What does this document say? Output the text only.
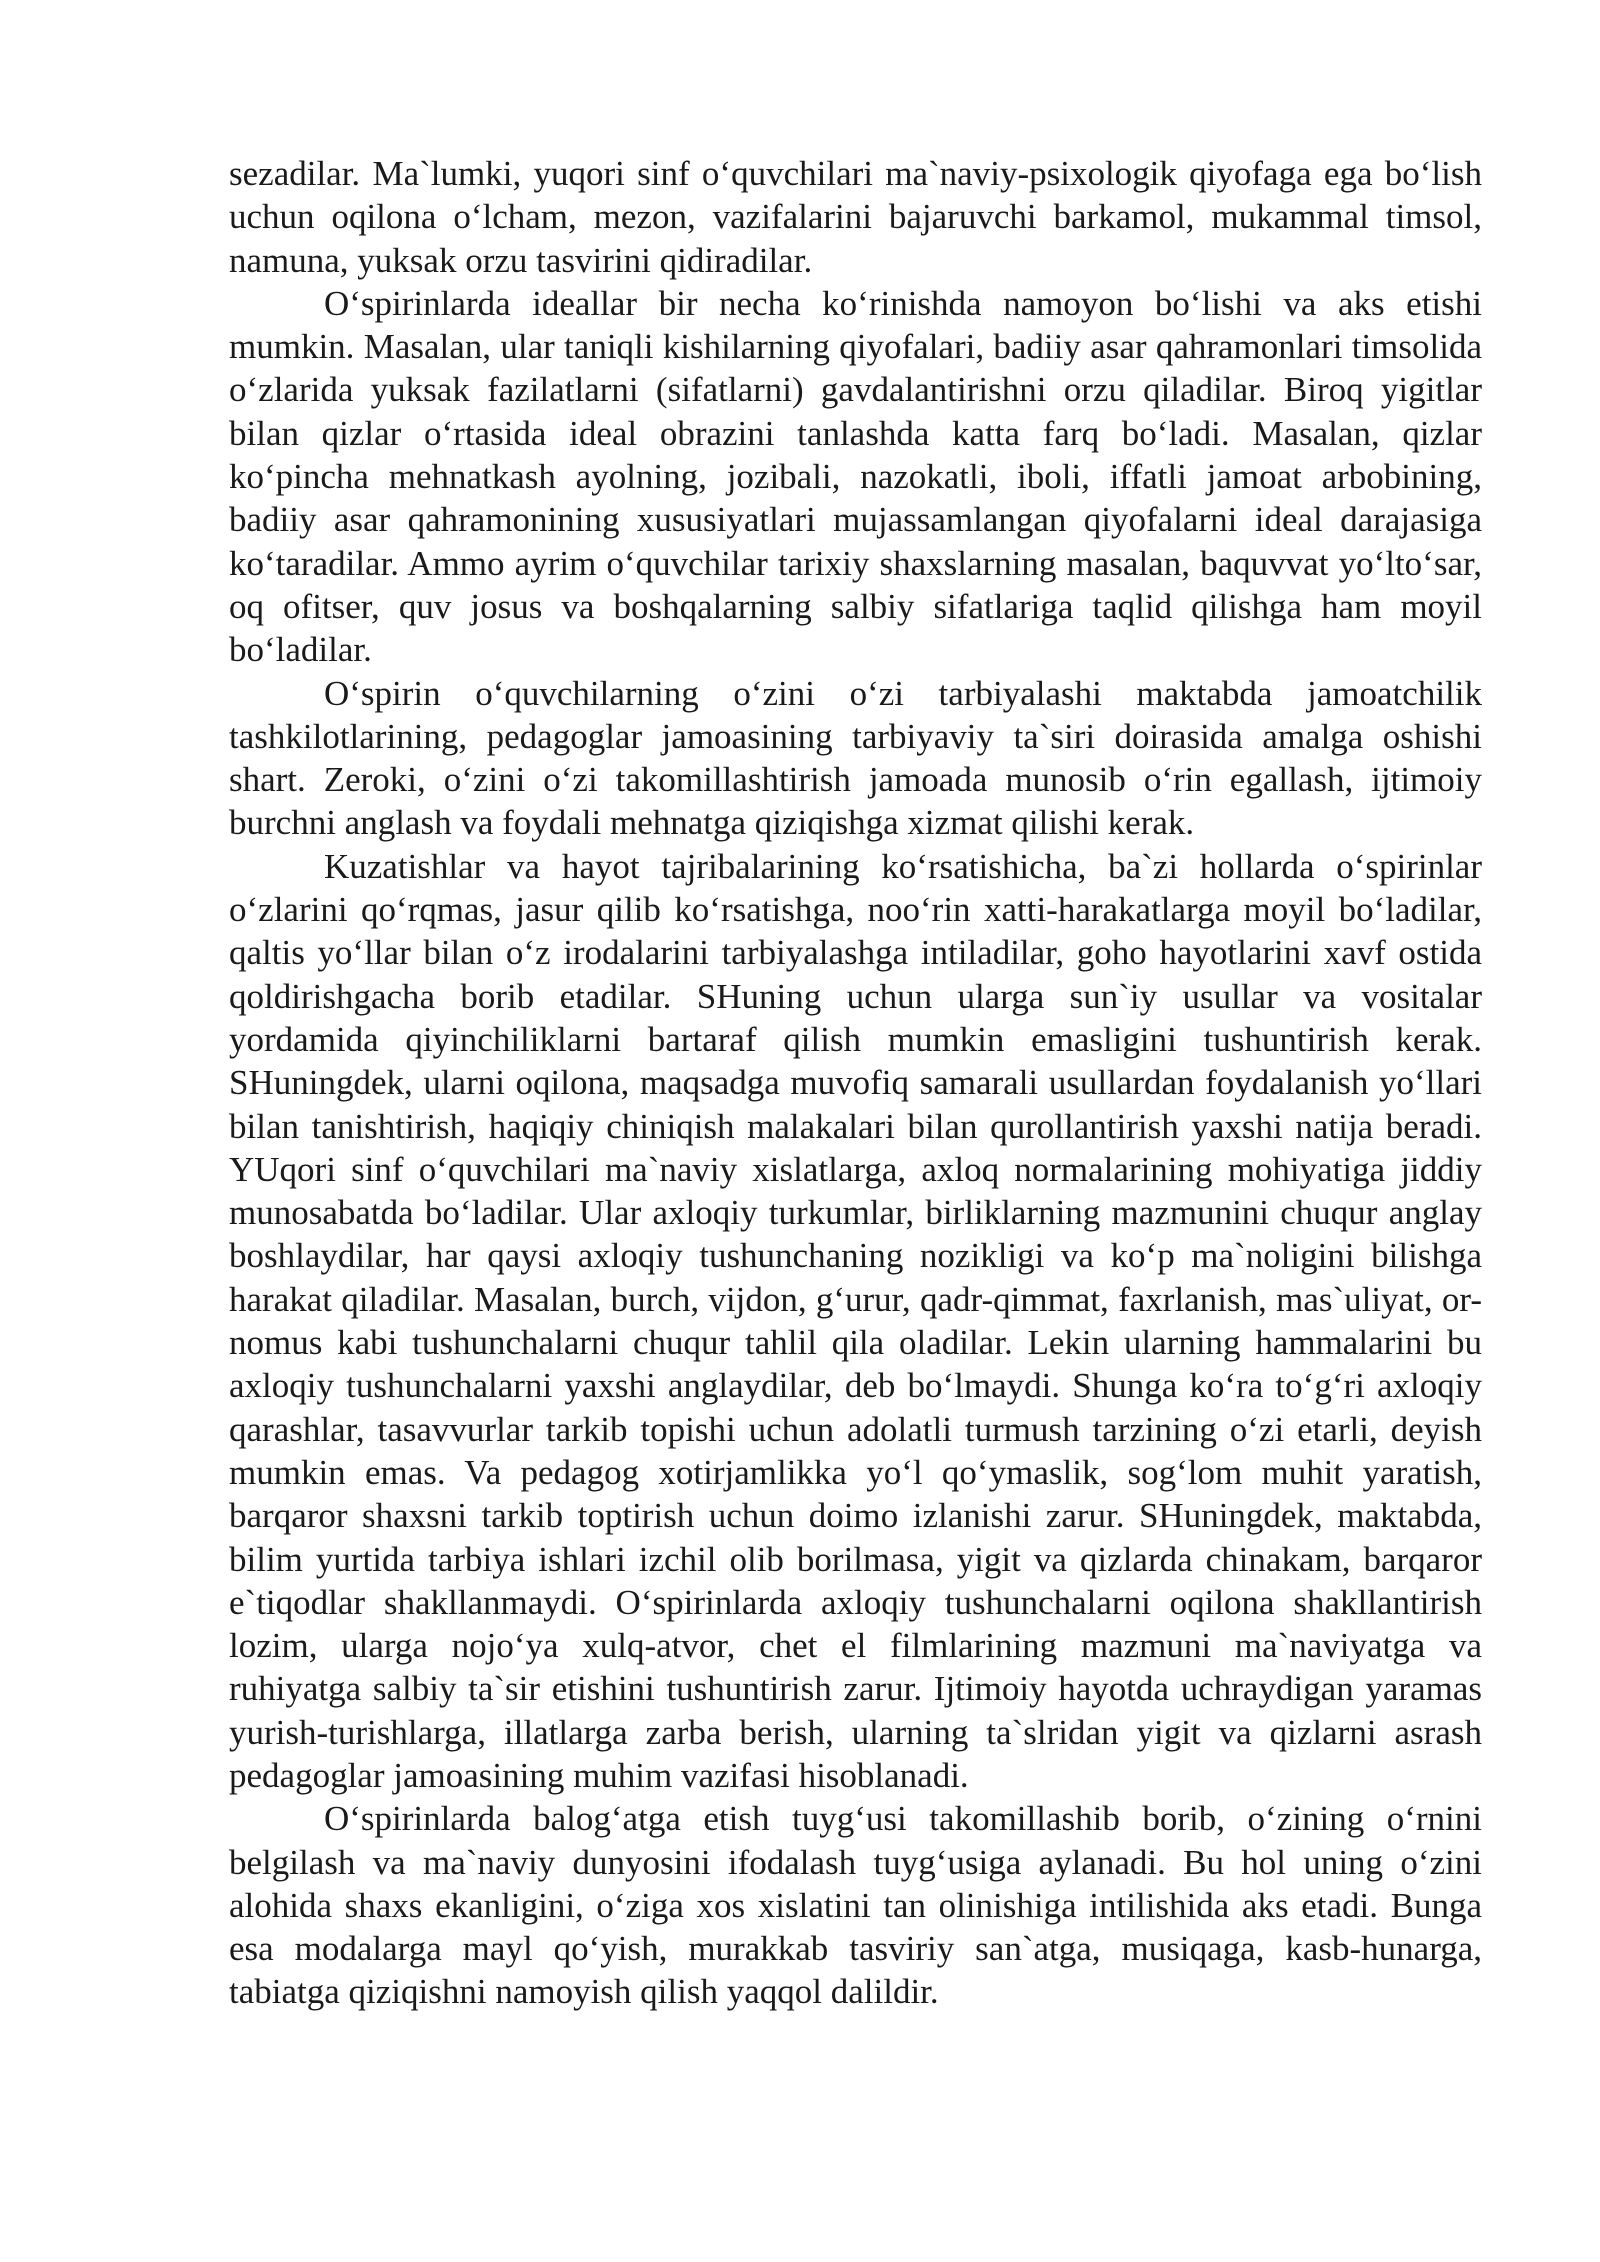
sezadilar. Ma`lumki, yuqori sinf o‘quvchilari ma`naviy-psixologik qiyofaga ega bo‘lish uchun oqilona o‘lcham, mezon, vazifalarini bajaruvchi barkamol, mukammal timsol, namuna, yuksak orzu tasvirini qidiradilar.

O‘spirinlarda ideallar bir necha ko‘rinishda namoyon bo‘lishi va aks etishi mumkin. Masalan, ular taniqli kishilarning qiyofalari, badiiy asar qahramonlari timsolida o‘zlarida yuksak fazilatlarni (sifatlarni) gavdalantirishni orzu qiladilar. Biroq yigitlar bilan qizlar o‘rtasida ideal obrazini tanlashda katta farq bo‘ladi. Masalan, qizlar ko‘pincha mehnatkash ayolning, jozibali, nazokatli, iboli, iffatli jamoat arbobining, badiiy asar qahramonining xususiyatlari mujassamlangan qiyofalarni ideal darajasiga ko‘taradilar. Ammo ayrim o‘quvchilar tarixiy shaxslarning masalan, baquvvat yo‘lto‘sar, oq ofitser, quv josus va boshqalarning salbiy sifatlariga taqlid qilishga ham moyil bo‘ladilar.

O‘spirin o‘quvchilarning o‘zini o‘zi tarbiyalashi maktabda jamoatchilik tashkilotlarining, pedagoglar jamoasining tarbiyaviy ta`siri doirasida amalga oshishi shart. Zeroki, o‘zini o‘zi takomillashtirish jamoada munosib o‘rin egallash, ijtimoiy burchni anglash va foydali mehnatga qiziqishga xizmat qilishi kerak.

Kuzatishlar va hayot tajribalarining ko‘rsatishicha, ba`zi hollarda o‘spirinlar o‘zlarini qo‘rqmas, jasur qilib ko‘rsatishga, noo‘rin xatti-harakatlarga moyil bo‘ladilar, qaltis yo‘llar bilan o‘z irodalarini tarbiyalashga intiladilar, goho hayotlarini xavf ostida qoldirishgacha borib etadilar. SHuning uchun ularga sun`iy usullar va vositalar yordamida qiyinchiliklarni bartaraf qilish mumkin emasligini tushuntirish kerak. SHuningdek, ularni oqilona, maqsadga muvofiq samarali usullardan foydalanish yo‘llari bilan tanishtirish, haqiqiy chiniqish malakalari bilan qurollantirish yaxshi natija beradi. YUqori sinf o‘quvchilari ma`naviy xislatlarga, axloq normalarining mohiyatiga jiddiy munosabatda bo‘ladilar. Ular axloqiy turkumlar, birliklarning mazmunini chuqur anglay boshlaydilar, har qaysi axloqiy tushunchaning nozikligi va ko‘p ma`noligini bilishga harakat qiladilar. Masalan, burch, vijdon, g‘urur, qadr-qimmat, faxrlanish, mas`uliyat, or-nomus kabi tushunchalarni chuqur tahlil qila oladilar. Lekin ularning hammalarini bu axloqiy tushunchalarni yaxshi anglaydilar, deb bo‘lmaydi. Shunga ko‘ra to‘g‘ri axloqiy qarashlar, tasavvurlar tarkib topishi uchun adolatli turmush tarzining o‘zi etarli, deyish mumkin emas. Va pedagog xotirjamlikka yo‘l qo‘ymaslik, sog‘lom muhit yaratish, barqaror shaxsni tarkib toptirish uchun doimo izlanishi zarur. SHuningdek, maktabda, bilim yurtida tarbiya ishlari izchil olib borilmasa, yigit va qizlarda chinakam, barqaror e`tiqodlar shakllanmaydi. O‘spirinlarda axloqiy tushunchalarni oqilona shakllantirish lozim, ularga nojo‘ya xulq-atvor, chet el filmlarining mazmuni ma`naviyatga va ruhiyatga salbiy ta`sir etishini tushuntirish zarur. Ijtimoiy hayotda uchraydigan yaramas yurish-turishlarga, illatlarga zarba berish, ularning ta`slridan yigit va qizlarni asrash pedagoglar jamoasining muhim vazifasi hisoblanadi.

O‘spirinlarda balog‘atga etish tuyg‘usi takomillashib borib, o‘zining o‘rnini belgilash va ma`naviy dunyosini ifodalash tuyg‘usiga aylanadi. Bu hol uning o‘zini alohida shaxs ekanligini, o‘ziga xos xislatini tan olinishiga intilishida aks etadi. Bunga esa modalarga mayl qo‘yish, murakkab tasviriy san`atga, musiqaga, kasb-hunarga, tabiatga qiziqishni namoyish qilish yaqqol dalildir.
